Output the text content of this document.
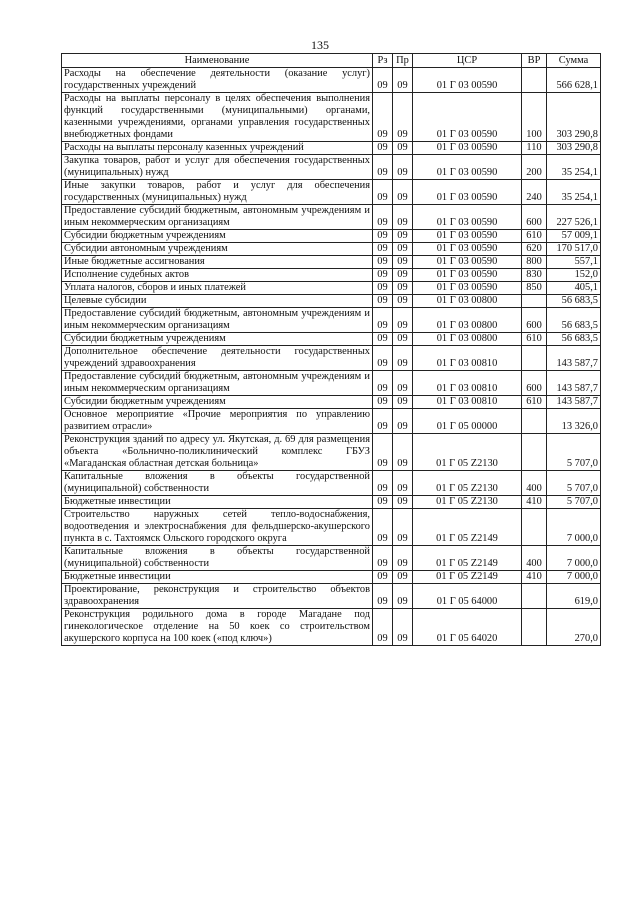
135
Наименование	Рз	Пр	ЦСР	ВР	Сумма
Расходы на обеспечение деятельности (оказание услуг) государственных учреждений	09	09	01 Г 03 00590		566 628,1
Расходы на выплаты персоналу в целях обеспечения выполнения функций государственными (муниципальными) органами, казенными учреждениями, органами управления государственных внебюджетных фондами	09	09	01 Г 03 00590	100	303 290,8
Расходы на выплаты персоналу казенных учреждений	09	09	01 Г 03 00590	110	303 290,8
Закупка товаров, работ и услуг для обеспечения государственных (муниципальных) нужд	09	09	01 Г 03 00590	200	35 254,1
Иные закупки товаров, работ и услуг для обеспечения государственных (муниципальных) нужд	09	09	01 Г 03 00590	240	35 254,1
Предоставление субсидий бюджетным, автономным учреждениям и иным некоммерческим организациям	09	09	01 Г 03 00590	600	227 526,1
Субсидии бюджетным учреждениям	09	09	01 Г 03 00590	610	57 009,1
Субсидии автономным учреждениям	09	09	01 Г 03 00590	620	170 517,0
Иные бюджетные ассигнования	09	09	01 Г 03 00590	800	557,1
Исполнение судебных актов	09	09	01 Г 03 00590	830	152,0
Уплата налогов, сборов и иных платежей	09	09	01 Г 03 00590	850	405,1
Целевые субсидии	09	09	01 Г 03 00800		56 683,5
Предоставление субсидий бюджетным, автономным учреждениям и иным некоммерческим организациям	09	09	01 Г 03 00800	600	56 683,5
Субсидии бюджетным учреждениям	09	09	01 Г 03 00800	610	56 683,5
Дополнительное обеспечение деятельности государственных учреждений здравоохранения	09	09	01 Г 03 00810		143 587,7
Предоставление субсидий бюджетным, автономным учреждениям и иным некоммерческим организациям	09	09	01 Г 03 00810	600	143 587,7
Субсидии бюджетным учреждениям	09	09	01 Г 03 00810	610	143 587,7
Основное мероприятие «Прочие мероприятия по управлению развитием отрасли»	09	09	01 Г 05 00000		13 326,0
Реконструкция зданий по адресу ул. Якутская, д. 69 для размещения объекта «Больнично-поликлинический комплекс ГБУЗ «Магаданская областная детская больница»	09	09	01 Г 05 Z2130		5 707,0
Капитальные вложения в объекты государственной (муниципальной) собственности	09	09	01 Г 05 Z2130	400	5 707,0
Бюджетные инвестиции	09	09	01 Г 05 Z2130	410	5 707,0
Строительство наружных сетей тепло-водоснабжения, водоотведения и электроснабжения для фельдшерско-акушерского пункта в с. Тахтоямск Ольского городского округа	09	09	01 Г 05 Z2149		7 000,0
Капитальные вложения в объекты государственной (муниципальной) собственности	09	09	01 Г 05 Z2149	400	7 000,0
Бюджетные инвестиции	09	09	01 Г 05 Z2149	410	7 000,0
Проектирование, реконструкция и строительство объектов здравоохранения	09	09	01 Г 05 64000		619,0
Реконструкция родильного дома в городе Магадане под гинекологическое отделение на 50 коек со строительством акушерского корпуса на 100 коек («под ключ»)	09	09	01 Г 05 64020		270,0
